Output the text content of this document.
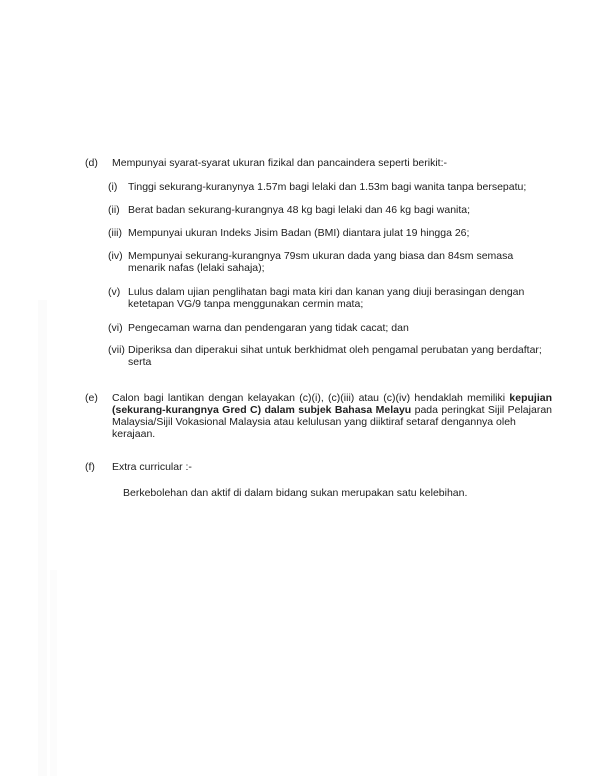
(d)	Mempunyai syarat-syarat ukuran fizikal dan pancaindera seperti berikit:-
(i)	Tinggi sekurang-kuranynya 1.57m bagi lelaki dan 1.53m bagi wanita tanpa bersepatu;
(ii) Berat badan sekurang-kurangnya 48 kg bagi lelaki dan 46 kg bagi wanita;
(iii) Mempunyai ukuran Indeks Jisim Badan (BMI) diantara julat 19 hingga 26;
(iv) Mempunyai sekurang-kurangnya 79sm ukuran dada yang biasa dan 84sm semasa menarik nafas (lelaki sahaja);
(v) Lulus dalam ujian penglihatan bagi mata kiri dan kanan yang diuji berasingan dengan ketetapan VG/9 tanpa menggunakan cermin mata;
(vi) Pengecaman warna dan pendengaran yang tidak cacat; dan
(vii) Diperiksa dan diperakui sihat untuk berkhidmat oleh pengamal perubatan yang berdaftar; serta
(e)	Calon bagi lantikan dengan kelayakan (c)(i), (c)(iii) atau (c)(iv) hendaklah memiliki kepujian
(sekurang-kurangnya Gred C) dalam subjek Bahasa Melayu pada peringkat Sijil Pelajaran
Malaysia/Sijil Vokasional Malaysia atau kelulusan yang diiktiraf setaraf dengannya oleh kerajaan.
(f)	Extra curricular :-
Berkebolehan dan aktif di dalam bidang sukan merupakan satu kelebihan.
